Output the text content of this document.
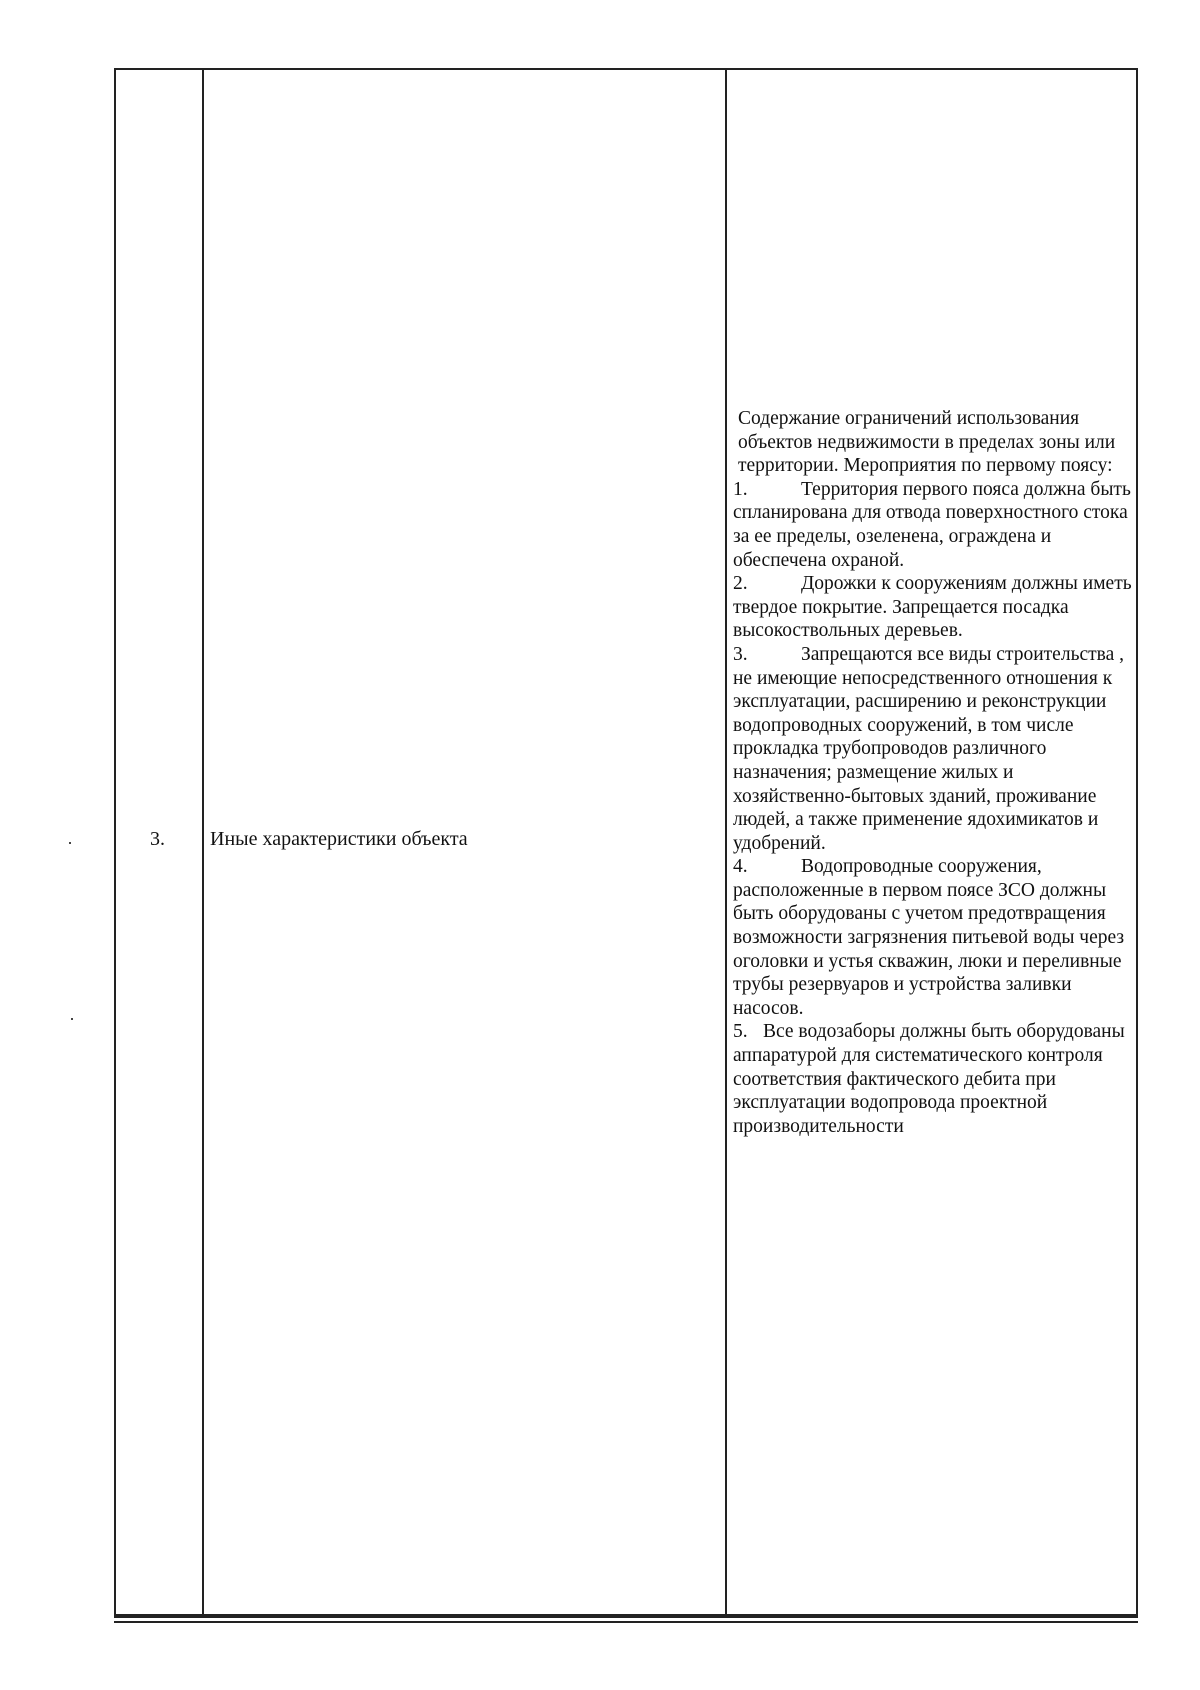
3. Иные характеристики объекта
Содержание ограничений использования объектов недвижимости в пределах зоны или территории. Мероприятия по первому поясу:
1.	Территория первого пояса должна быть спланирована для отвода поверхностного стока за ее пределы, озеленена, ограждена и обеспечена охраной.
2.	Дорожки к сооружениям должны иметь твердое покрытие. Запрещается посадка высокоствольных деревьев.
3.	Запрещаются все виды строительства , не имеющие непосредственного отношения к эксплуатации, расширению и реконструкции водопроводных сооружений, в том числе прокладка трубопроводов различного назначения; размещение жилых и хозяйственно-бытовых зданий, проживание людей, а также применение ядохимикатов и удобрений.
4.	Водопроводные сооружения, расположенные в первом поясе ЗСО должны быть оборудованы с учетом предотвращения возможности загрязнения питьевой воды через оголовки и устья скважин, люки и переливные трубы резервуаров и устройства заливки насосов.
5. Все водозаборы должны быть оборудованы аппаратурой для систематического контроля соответствия фактического дебита при эксплуатации водопровода проектной производительности
